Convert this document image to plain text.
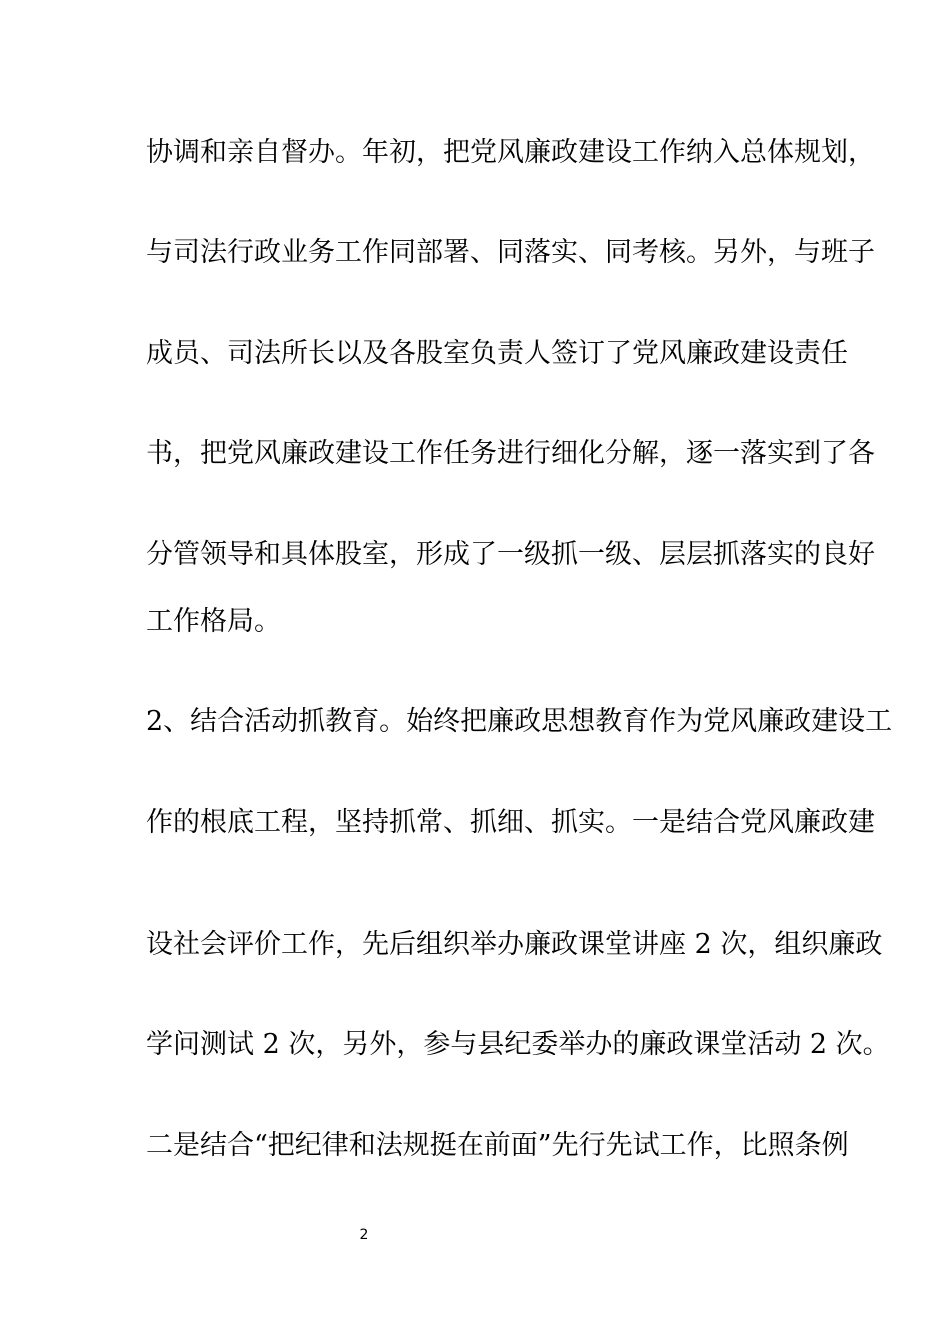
协调和亲自督办。年初，把党风廉政建设工作纳入总体规划，
与司法行政业务工作同部署、同落实、同考核。另外，与班子
成员、司法所长以及各股室负责人签订了党风廉政建设责任
书，把党风廉政建设工作任务进行细化分解，逐一落实到了各
分管领导和具体股室，形成了一级抓一级、层层抓落实的良好
工作格局。
2、结合活动抓教育。始终把廉政思想教育作为党风廉政建设工
作的根底工程，坚持抓常、抓细、抓实。一是结合党风廉政建
设社会评价工作，先后组织举办廉政课堂讲座 2 次，组织廉政
学问测试 2 次，另外，参与县纪委举办的廉政课堂活动 2 次。
二是结合“把纪律和法规挺在前面”先行先试工作，比照条例
2
